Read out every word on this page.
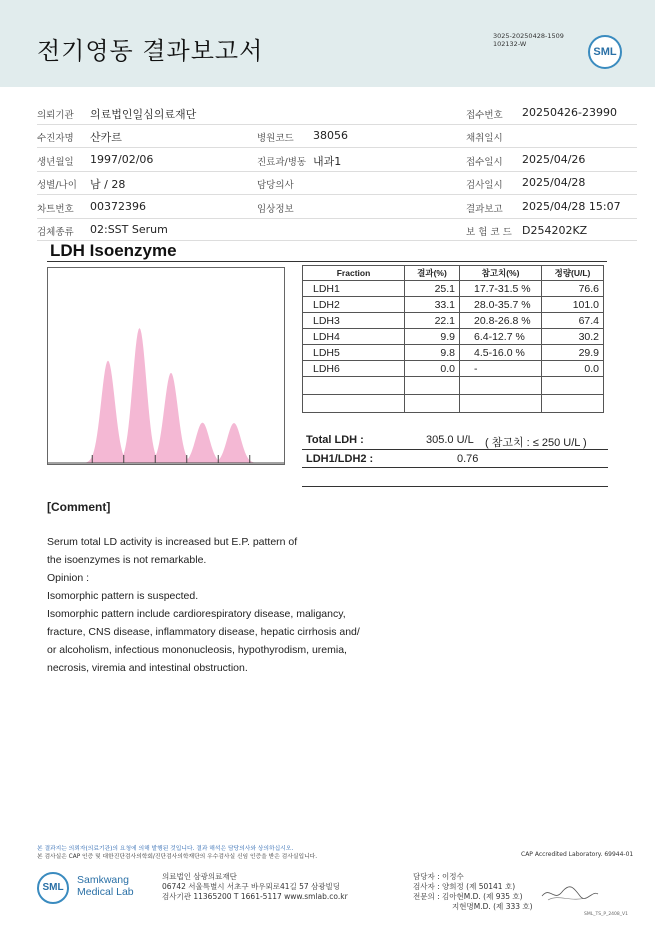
전기영동 결과보고서
3025-20250428-1509
102132-W
SML
의뢰기관 의료법인일심의료재단	접수번호 20250426-23990
수진자명 산카르	병원코드 38056	채취일시
생년월일 1997/02/06	진료과/병동 내과1	접수일시 2025/04/26
성별/나이 남 / 28	담당의사	검사일시 2025/04/28
차트번호 00372396	임상정보	결과보고 2025/04/28 15:07
검체종류 02:SST Serum	보 험 코 드 D254202KZ
LDH Isoenzyme
Fraction	결과(%)	참고치(%)	정량(U/L)
LDH1	25.1	17.7-31.5 %	76.6
LDH2	33.1	28.0-35.7 %	101.0
LDH3	22.1	20.8-26.8 %	67.4
LDH4	9.9	6.4-12.7 %	30.2
LDH5	9.8	4.5-16.0 %	29.9
LDH6	0.0	-	0.0

Total LDH :	305.0 U/L ( 참고치 : ≤ 250 U/L )
LDH1/LDH2 :	0.76
[Comment]
Serum total LD activity is increased but E.P. pattern of
the isoenzymes is not remarkable.
Opinion :
Isomorphic pattern is suspected.
Isomorphic pattern include cardiorespiratory disease, maligancy,
fracture, CNS disease, inflammatory disease, hepatic cirrhosis and/
or alcoholism, infectious mononucleosis, hypothyrodism, uremia,
necrosis, viremia and intestinal obstruction.
본 결과지는 의뢰자(의료기관)의 요청에 의해 발행된 것입니다. 결과 해석은 담당의사와 상의하십시오.
본 검사실은 CAP 인증 및 대한진단검사의학회/진단검사의학재단의 우수검사실 신임 인증을 받은 검사실입니다.	CAP Accredited Laboratory. 69944-01
SML
Samkwang
Medical Lab
의료법인 삼광의료재단
06742 서울특별시 서초구 바우뫼로41길 57 삼광빌딩
검사기관 11365200 T 1661-5117 www.smlab.co.kr
담당자 : 이정수
검사자 : 양희정 (제 50141 호)
전문의 : 김아현M.D. (제 935 호)
지현명M.D. (제 333 호)
SML_TS_P_2408_V1
